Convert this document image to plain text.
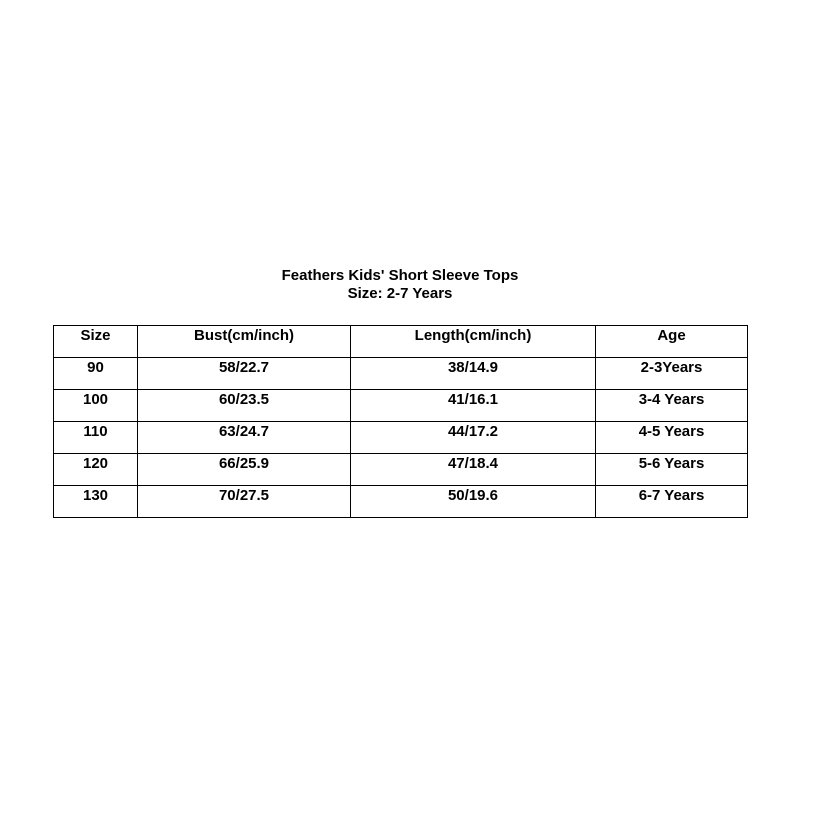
Feathers Kids' Short Sleeve Tops
Size: 2-7 Years
Size	Bust(cm/inch)	Length(cm/inch)	Age
90	58/22.7	38/14.9	2-3Years
100	60/23.5	41/16.1	3-4 Years
110	63/24.7	44/17.2	4-5 Years
120	66/25.9	47/18.4	5-6 Years
130	70/27.5	50/19.6	6-7 Years
